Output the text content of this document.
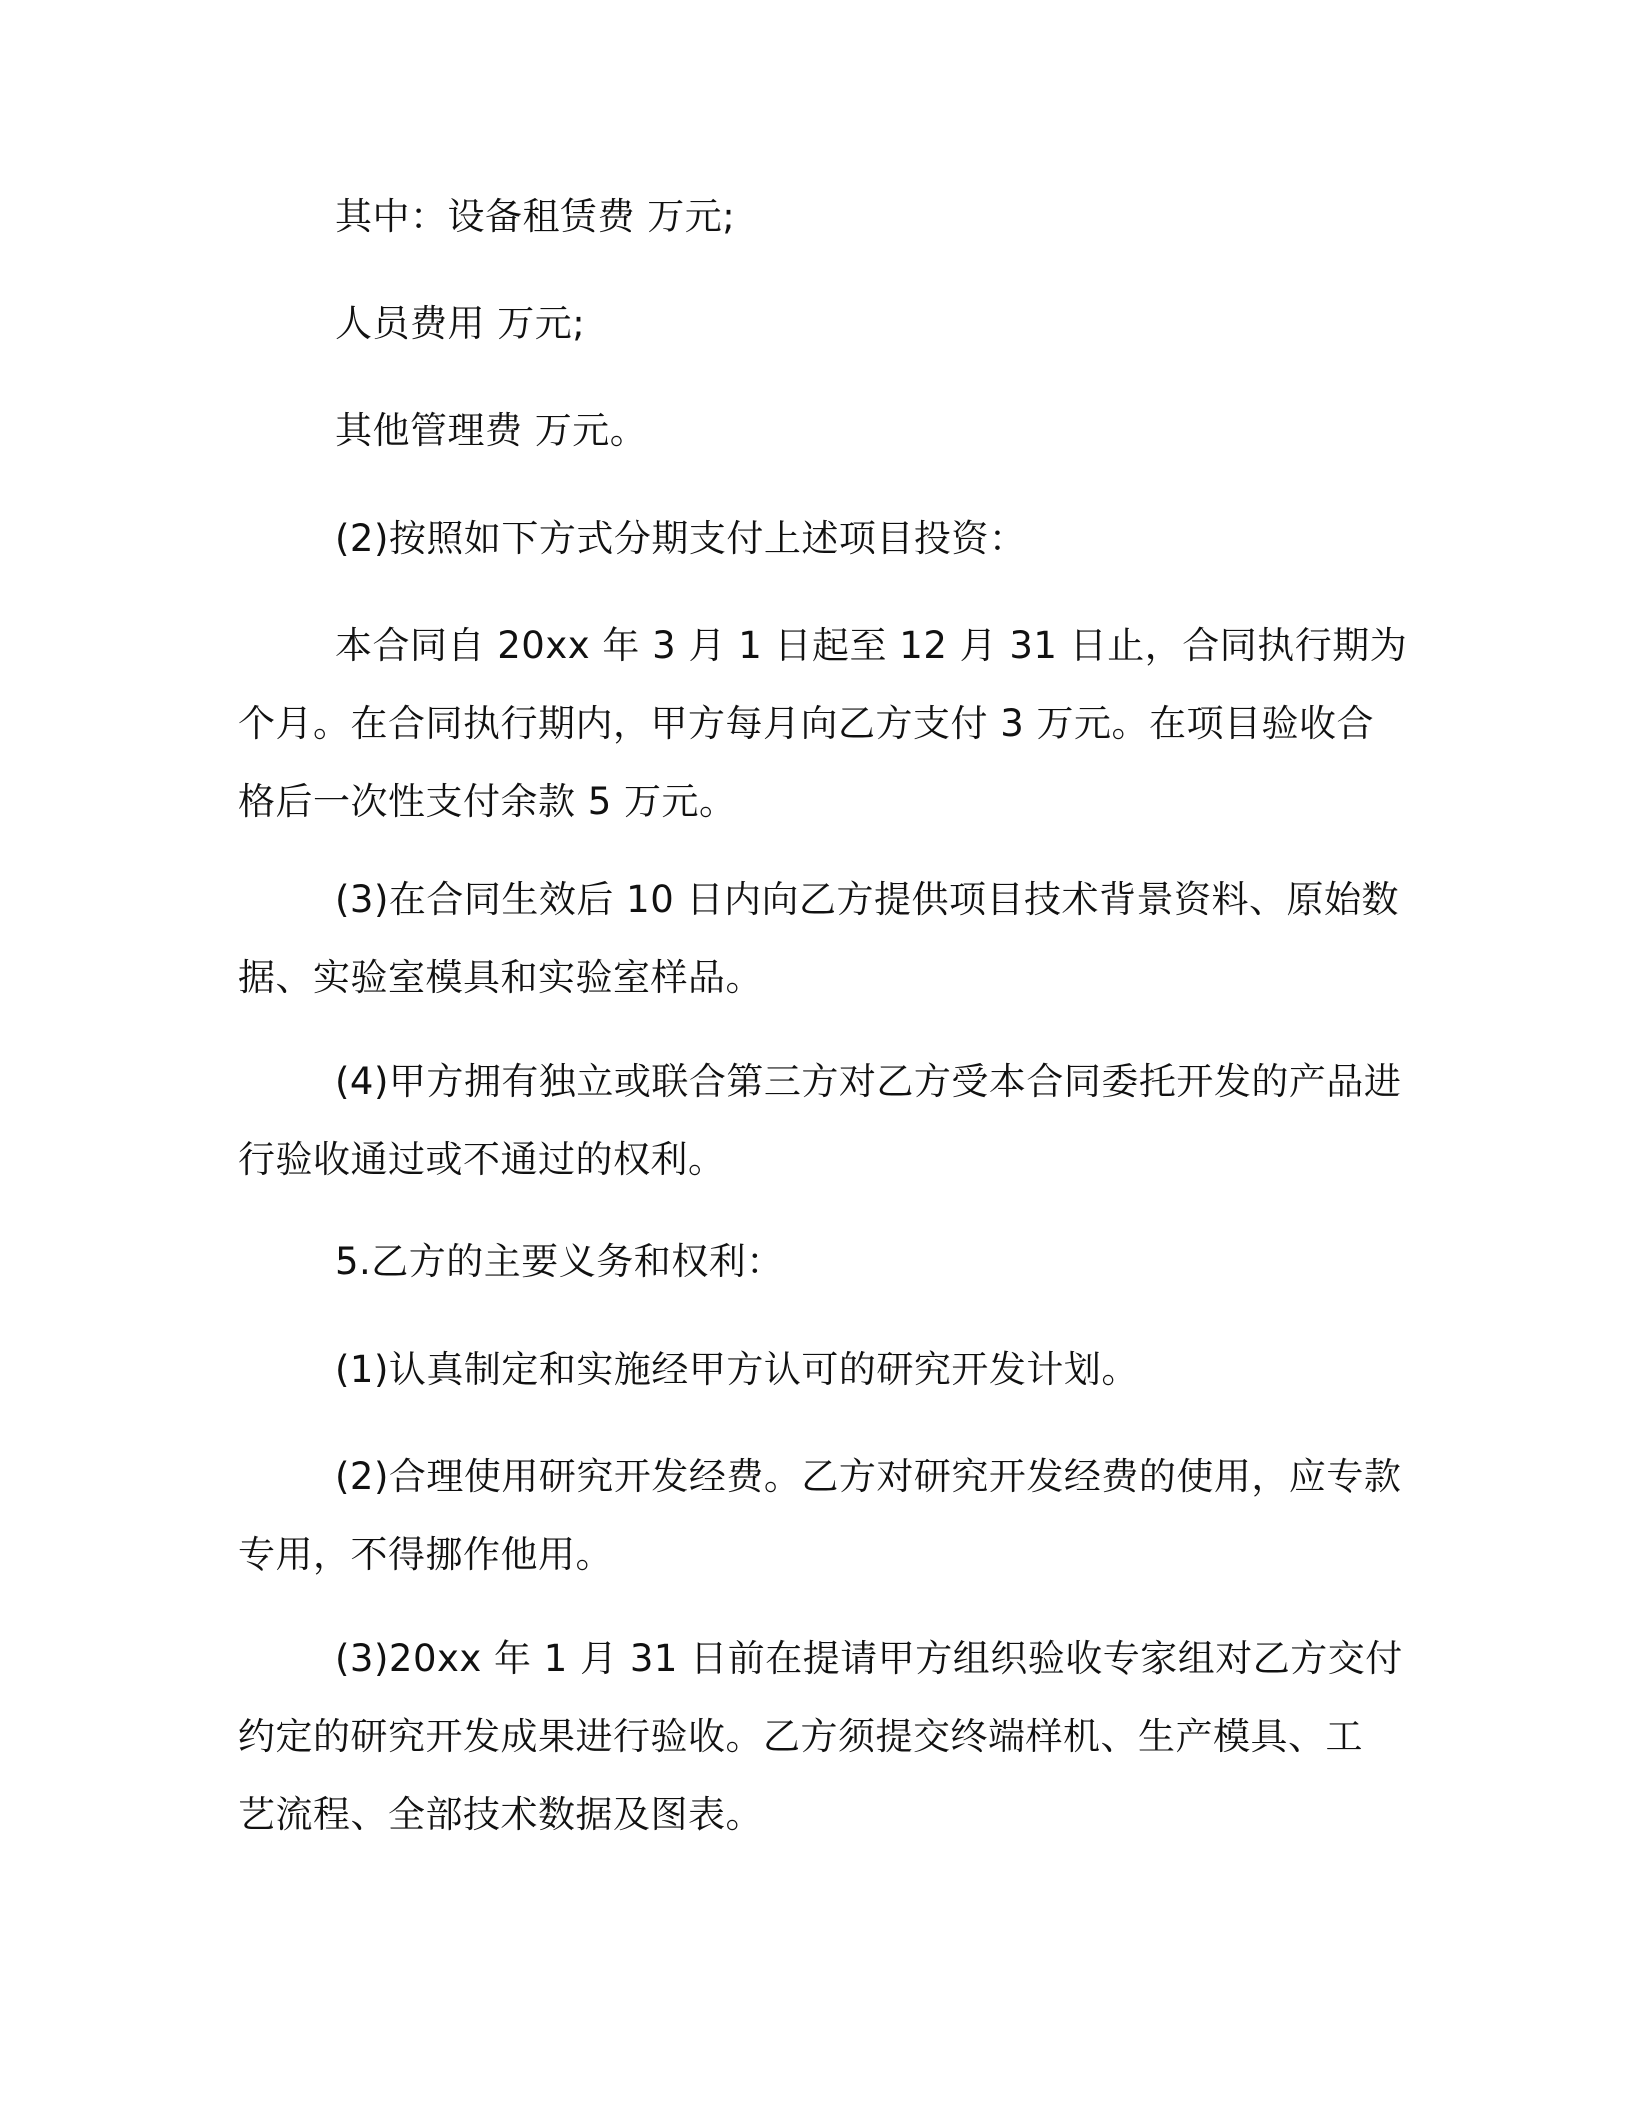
其中：设备租赁费 万元;

人员费用 万元;

其他管理费 万元。

(2)按照如下方式分期支付上述项目投资：

本合同自 20xx 年 3 月 1 日起至 12 月 31 日止，合同执行期为
个月。在合同执行期内，甲方每月向乙方支付 3 万元。在项目验收合
格后一次性支付余款 5 万元。

(3)在合同生效后 10 日内向乙方提供项目技术背景资料、原始数
据、实验室模具和实验室样品。

(4)甲方拥有独立或联合第三方对乙方受本合同委托开发的产品进
行验收通过或不通过的权利。

5.乙方的主要义务和权利：

(1)认真制定和实施经甲方认可的研究开发计划。

(2)合理使用研究开发经费。乙方对研究开发经费的使用，应专款
专用，不得挪作他用。

(3)20xx 年 1 月 31 日前在提请甲方组织验收专家组对乙方交付
约定的研究开发成果进行验收。乙方须提交终端样机、生产模具、工
艺流程、全部技术数据及图表。
